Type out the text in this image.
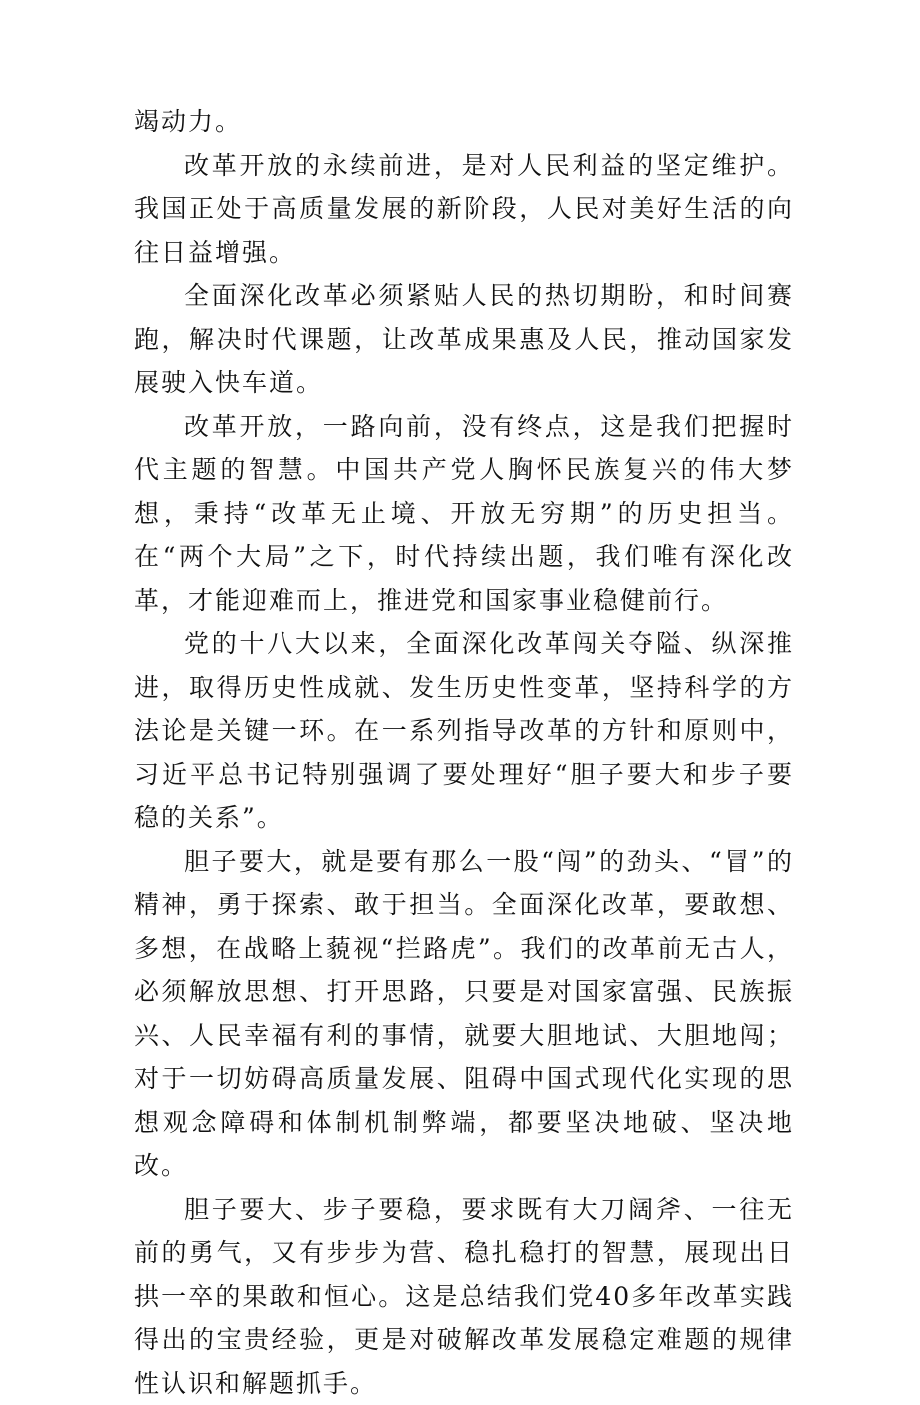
竭动力。

改革开放的永续前进，是对人民利益的坚定维护。我国正处于高质量发展的新阶段，人民对美好生活的向往日益增强。

全面深化改革必须紧贴人民的热切期盼，和时间赛跑，解决时代课题，让改革成果惠及人民，推动国家发展驶入快车道。

改革开放，一路向前，没有终点，这是我们把握时代主题的智慧。中国共产党人胸怀民族复兴的伟大梦想，秉持“改革无止境、开放无穷期”的历史担当。在“两个大局”之下，时代持续出题，我们唯有深化改革，才能迎难而上，推进党和国家事业稳健前行。

党的十八大以来，全面深化改革闯关夺隘、纵深推进，取得历史性成就、发生历史性变革，坚持科学的方法论是关键一环。在一系列指导改革的方针和原则中，习近平总书记特别强调了要处理好“胆子要大和步子要稳的关系”。

胆子要大，就是要有那么一股“闯”的劲头、“冒”的精神，勇于探索、敢于担当。全面深化改革，要敢想、多想，在战略上藐视“拦路虎”。我们的改革前无古人，必须解放思想、打开思路，只要是对国家富强、民族振兴、人民幸福有利的事情，就要大胆地试、大胆地闯；对于一切妨碍高质量发展、阻碍中国式现代化实现的思想观念障碍和体制机制弊端，都要坚决地破、坚决地改。

胆子要大、步子要稳，要求既有大刀阔斧、一往无前的勇气，又有步步为营、稳扎稳打的智慧，展现出日拱一卒的果敢和恒心。这是总结我们党40多年改革实践得出的宝贵经验，更是对破解改革发展稳定难题的规律性认识和解题抓手。
